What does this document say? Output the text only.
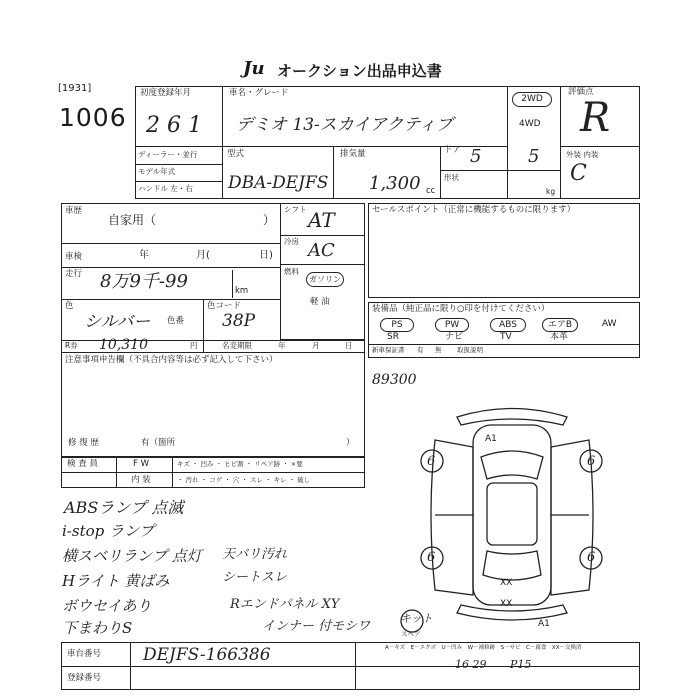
Ju オークション出品申込書
[1931]
1006
初度登録年月
2 6 1
車名・グレード
デミオ 13-スカイアクティブ
2WD
4WD
評価点
R
ディーラー・並行
モデル年式
ハンドル 左・右
型式
DBA-DEJFS
排気量
1,300 cc
ドア 5	5
形状
kg
外装 内装
C
車歴
自家用（	）
車検	年	月(	日)
走行 8万9千-99	km
色
シルバー 色番
色コード
38P
R券 10,310	円	名変期限	年	月	日
注意事項申告欄（不具合内容等は必ず記入して下さい）
修 復 歴	有（箇所	）
シフト AT
冷房 AC
燃料
ガソリン
軽 油
セールスポイント（正常に機能するものに限ります）
装備品（純正品に限り○印を付けてください）
PS	PW	ABS	エアB	AW
SR	ナビ	TV	本革
新車保証書 有 無 取扱説明
89300
検 査 員	F W	キズ ・ 凹み ・ ヒビ割 ・ リペア跡 ・ ×要
内 装	・ 汚れ ・ コゲ ・ 穴 ・ スレ ・ キレ ・ 破し
ABSランプ 点滅
i-stop ランプ
横スベリランプ 点灯
Hライト 黄ばみ
ボウセイあり
下まわりS
天バリ汚れ
シートスレ
Rエンドパネル XY
インナー 付モシワ
A1
XX
XX
A1
6	6
6	6
キット
スペア
車台番号 DEJFS-166386
登録番号
A－キズ　E－エクボ　U－凹み　W－補修跡　S－サビ　C－腐食　XX－交換済
16 29 P15
